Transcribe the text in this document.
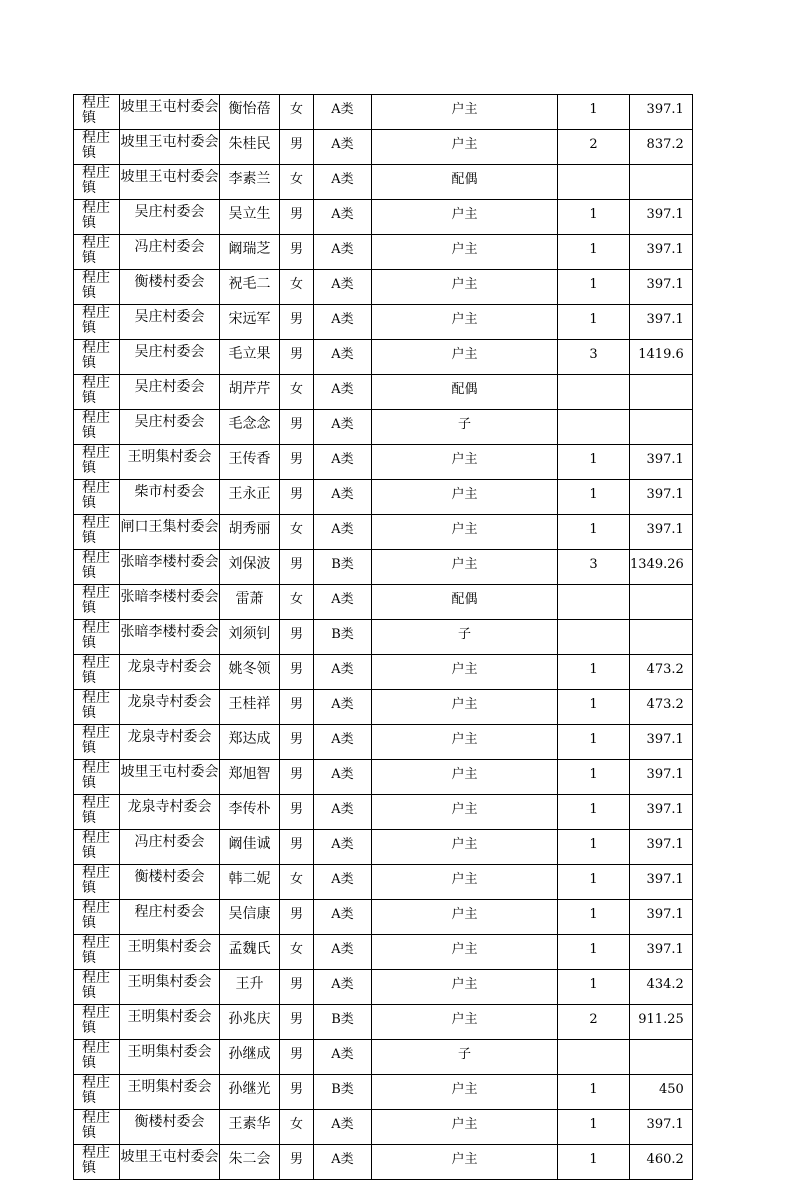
程庄镇	坡里王屯村委会	衡怡蓓	女	A类	户主	1	397.1

程庄镇	坡里王屯村委会	朱桂民	男	A类	户主	2	837.2

程庄镇	坡里王屯村委会	李素兰	女	A类	配偶		

程庄镇	吴庄村委会	吴立生	男	A类	户主	1	397.1

程庄镇	冯庄村委会	阚瑞芝	男	A类	户主	1	397.1

程庄镇	衡楼村委会	祝毛二	女	A类	户主	1	397.1

程庄镇	吴庄村委会	宋远军	男	A类	户主	1	397.1

程庄镇	吴庄村委会	毛立果	男	A类	户主	3	1419.6

程庄镇	吴庄村委会	胡芹芹	女	A类	配偶		

程庄镇	吴庄村委会	毛念念	男	A类	子		

程庄镇	王明集村委会	王传香	男	A类	户主	1	397.1

程庄镇	柴市村委会	王永正	男	A类	户主	1	397.1

程庄镇	闸口王集村委会	胡秀丽	女	A类	户主	1	397.1

程庄镇	张暗李楼村委会	刘保波	男	B类	户主	3	1349.26

程庄镇	张暗李楼村委会	雷萧	女	A类	配偶		

程庄镇	张暗李楼村委会	刘须钊	男	B类	子		

程庄镇	龙泉寺村委会	姚冬领	男	A类	户主	1	473.2

程庄镇	龙泉寺村委会	王桂祥	男	A类	户主	1	473.2

程庄镇	龙泉寺村委会	郑达成	男	A类	户主	1	397.1

程庄镇	坡里王屯村委会	郑旭智	男	A类	户主	1	397.1

程庄镇	龙泉寺村委会	李传朴	男	A类	户主	1	397.1

程庄镇	冯庄村委会	阚佳诚	男	A类	户主	1	397.1

程庄镇	衡楼村委会	韩二妮	女	A类	户主	1	397.1

程庄镇	程庄村委会	吴信康	男	A类	户主	1	397.1

程庄镇	王明集村委会	孟魏氏	女	A类	户主	1	397.1

程庄镇	王明集村委会	王升	男	A类	户主	1	434.2

程庄镇	王明集村委会	孙兆庆	男	B类	户主	2	911.25

程庄镇	王明集村委会	孙继成	男	A类	子		

程庄镇	王明集村委会	孙继光	男	B类	户主	1	450

程庄镇	衡楼村委会	王素华	女	A类	户主	1	397.1

程庄镇	坡里王屯村委会	朱二会	男	A类	户主	1	460.2
